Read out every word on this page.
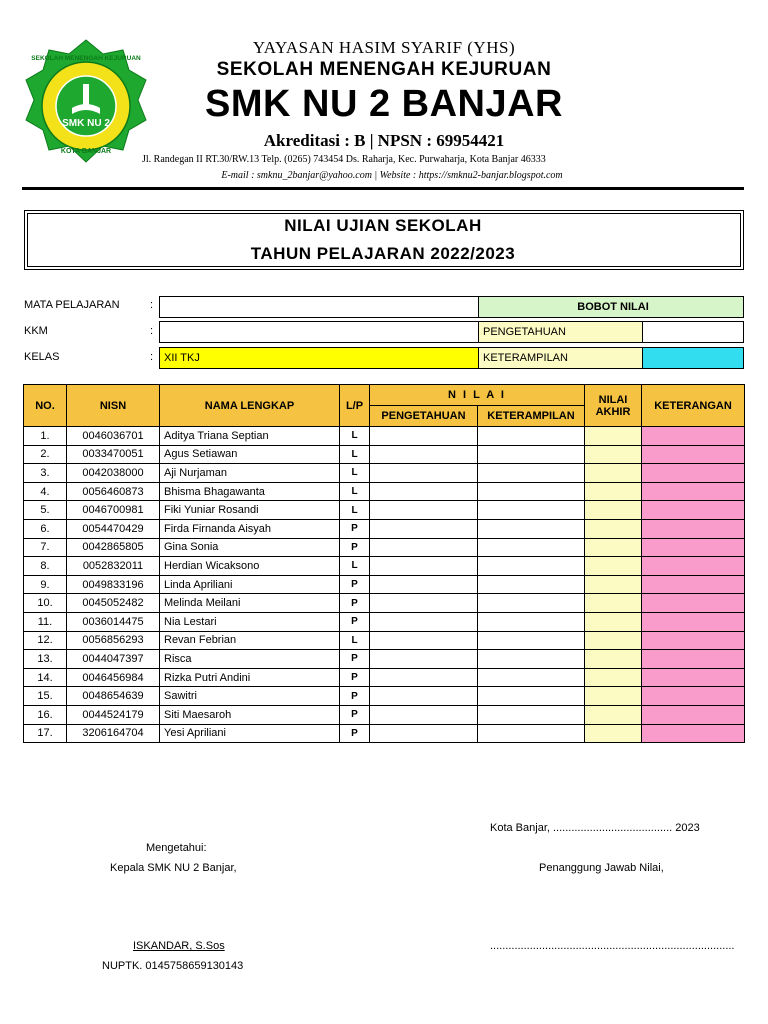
SEKOLAH MENENGAH KEJURUAN
SMK NU 2
KOTA BANJAR
YAYASAN HASIM SYARIF (YHS)
SEKOLAH MENENGAH KEJURUAN
SMK NU 2 BANJAR
Akreditasi : B | NPSN : 69954421
Jl. Randegan II RT.30/RW.13 Telp. (0265) 743454 Ds. Raharja, Kec. Purwaharja, Kota Banjar 46333
E-mail : smknu_2banjar@yahoo.com | Website : https://smknu2-banjar.blogspot.com
NILAI UJIAN SEKOLAH
TAHUN PELAJARAN 2022/2023
MATA PELAJARAN	:	BOBOT NILAI
KKM	:	PENGETAHUAN
KELAS	: XII TKJ	KETERAMPILAN
NO.	NISN	NAMA LENGKAP	L/P	N I L A I		NILAI AKHIR	KETERANGAN
				PENGETAHUAN	KETERAMPILAN		
1.	0046036701	Aditya Triana Septian	L				
2.	0033470051	Agus Setiawan	L				
3.	0042038000	Aji Nurjaman	L				
4.	0056460873	Bhisma Bhagawanta	L				
5.	0046700981	Fiki Yuniar Rosandi	L				
6.	0054470429	Firda Firnanda Aisyah	P				
7.	0042865805	Gina Sonia	P				
8.	0052832011	Herdian Wicaksono	L				
9.	0049833196	Linda Apriliani	P				
10.	0045052482	Melinda Meilani	P				
11.	0036014475	Nia Lestari	P				
12.	0056856293	Revan Febrian	L				
13.	0044047397	Risca	P				
14.	0046456984	Rizka Putri Andini	P				
15.	0048654639	Sawitri	P				
16.	0044524179	Siti Maesaroh	P				
17.	3206164704	Yesi Apriliani	P				
Kota Banjar, ....................................... 2023
Mengetahui:
Kepala SMK NU 2 Banjar,	Penanggung Jawab Nilai,
ISKANDAR, S.Sos	................................................................................
NUPTK. 0145758659130143
